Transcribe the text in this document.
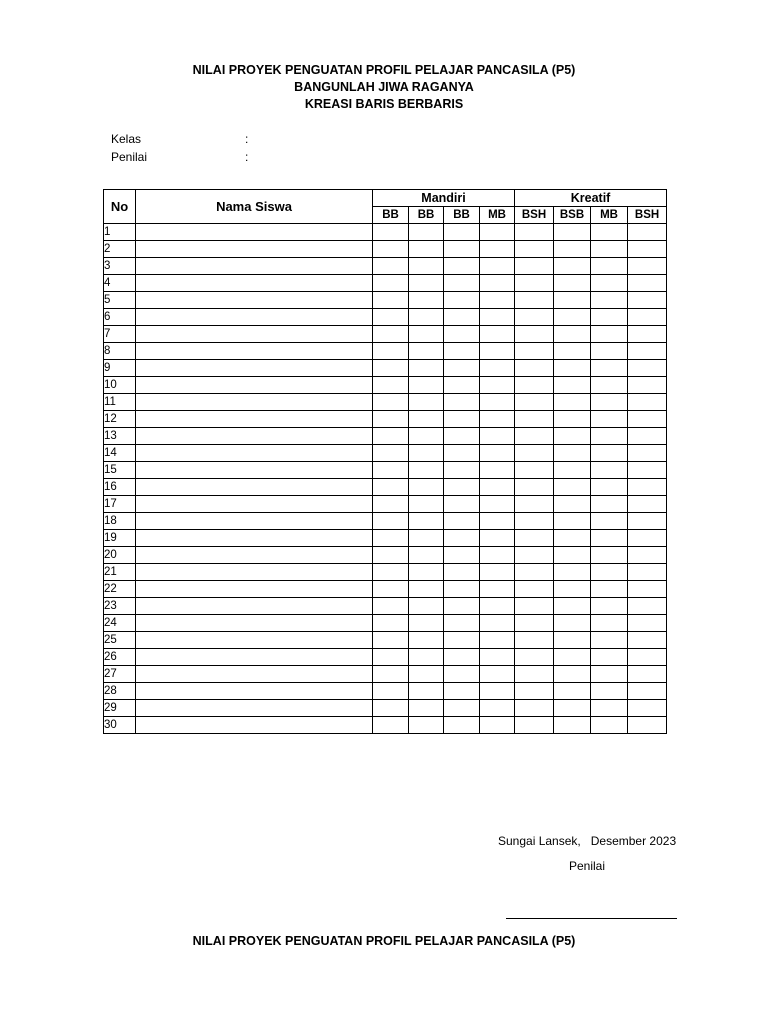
NILAI PROYEK PENGUATAN PROFIL PELAJAR PANCASILA (P5)
BANGUNLAH JIWA RAGANYA
KREASI BARIS BERBARIS
Kelas	:
Penilai	:
No	Nama Siswa	Mandiri				Kreatif			
		BB	BB	BB	MB	BSH	BSB	MB	BSH
1									
2									
3									
4									
5									
6									
7									
8									
9									
10									
11									
12									
13									
14									
15									
16									
17									
18									
19									
20									
21									
22									
23									
24									
25									
26									
27									
28									
29									
30									
Sungai Lansek,   Desember 2023
Penilai
NILAI PROYEK PENGUATAN PROFIL PELAJAR PANCASILA (P5)
